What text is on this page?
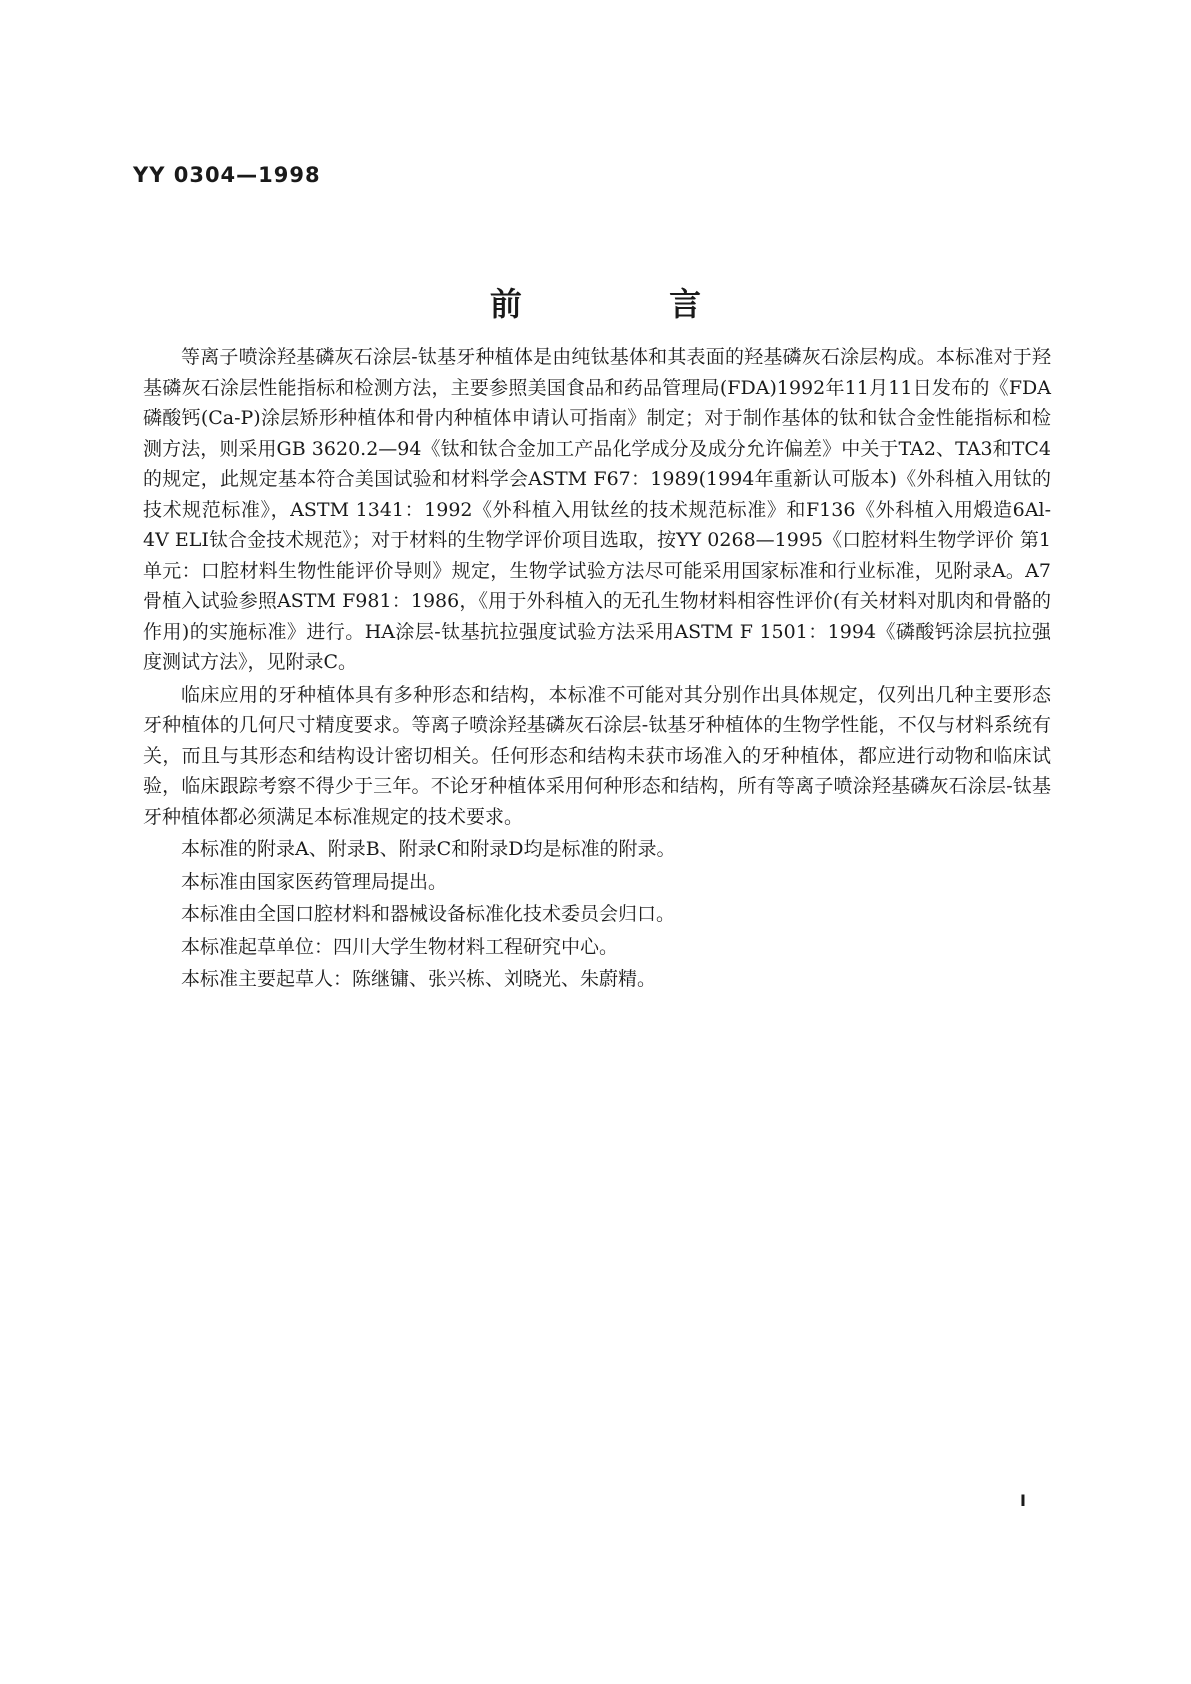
YY 0304—1998
前 言

等离子喷涂羟基磷灰石涂层-钛基牙种植体是由纯钛基体和其表面的羟基磷灰石涂层构成。本标准对于羟基磷灰石涂层性能指标和检测方法，主要参照美国食品和药品管理局(FDA)1992年11月11日发布的《FDA磷酸钙(Ca-P)涂层矫形种植体和骨内种植体申请认可指南》制定；对于制作基体的钛和钛合金性能指标和检测方法，则采用GB 3620.2—94《钛和钛合金加工产品化学成分及成分允许偏差》中关于TA2、TA3和TC4的规定，此规定基本符合美国试验和材料学会ASTM F67：1989(1994年重新认可版本)《外科植入用钛的技术规范标准》，ASTM 1341：1992《外科植入用钛丝的技术规范标准》和F136《外科植入用煅造6Al-4V ELI钛合金技术规范》；对于材料的生物学评价项目选取，按YY 0268—1995《口腔材料生物学评价 第1单元：口腔材料生物性能评价导则》规定，生物学试验方法尽可能采用国家标准和行业标准，见附录A。A7骨植入试验参照ASTM F981：1986，《用于外科植入的无孔生物材料相容性评价(有关材料对肌肉和骨骼的作用)的实施标准》进行。HA涂层-钛基抗拉强度试验方法采用ASTM F 1501：1994《磷酸钙涂层抗拉强度测试方法》，见附录C。

临床应用的牙种植体具有多种形态和结构，本标准不可能对其分别作出具体规定，仅列出几种主要形态牙种植体的几何尺寸精度要求。等离子喷涂羟基磷灰石涂层-钛基牙种植体的生物学性能，不仅与材料系统有关，而且与其形态和结构设计密切相关。任何形态和结构未获市场准入的牙种植体，都应进行动物和临床试验，临床跟踪考察不得少于三年。不论牙种植体采用何种形态和结构，所有等离子喷涂羟基磷灰石涂层-钛基牙种植体都必须满足本标准规定的技术要求。

本标准的附录A、附录B、附录C和附录D均是标准的附录。

本标准由国家医药管理局提出。

本标准由全国口腔材料和器械设备标准化技术委员会归口。

本标准起草单位：四川大学生物材料工程研究中心。

本标准主要起草人：陈继镛、张兴栋、刘晓光、朱蔚精。

Ⅰ
